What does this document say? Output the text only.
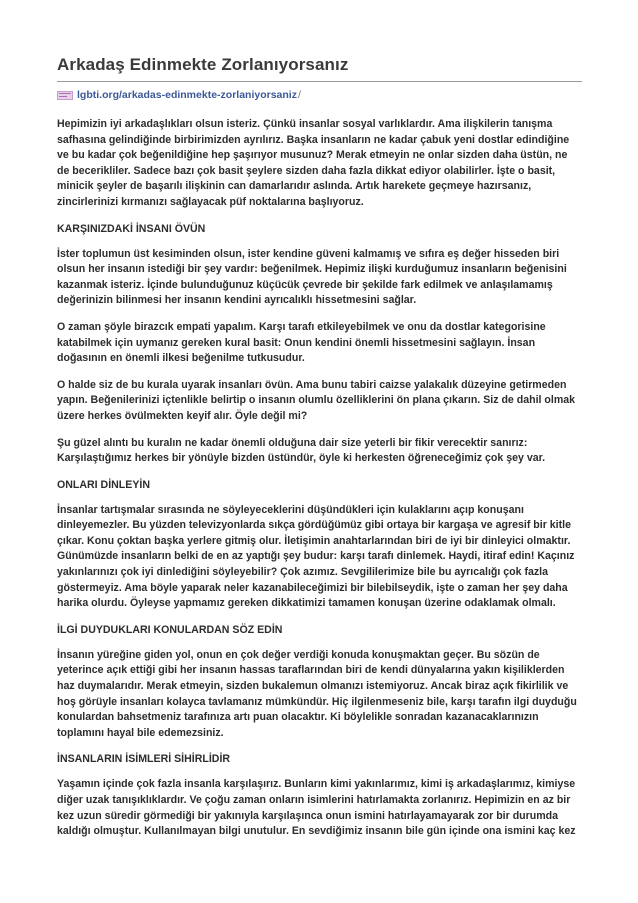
Arkadaş Edinmekte Zorlanıyorsanız
lgbti.org/arkadas-edinmekte-zorlaniyorsaniz /

Hepimizin iyi arkadaşlıkları olsun isteriz. Çünkü insanlar sosyal varlıklardır. Ama ilişkilerin tanışma safhasına gelindiğinde birbirimizden ayrılırız. Başka insanların ne kadar çabuk yeni dostlar edindiğine ve bu kadar çok beğenildiğine hep şaşırıyor musunuz? Merak etmeyin ne onlar sizden daha üstün, ne de becerikliler. Sadece bazı çok basit şeylere sizden daha fazla dikkat ediyor olabilirler. İşte o basit, minicik şeyler de başarılı ilişkinin can damarlarıdır aslında. Artık harekete geçmeye hazırsanız, zincirlerinizi kırmanızı sağlayacak püf noktalarına başlıyoruz.

KARŞINIZDAKİ İNSANI ÖVÜN

İster toplumun üst kesiminden olsun, ister kendine güveni kalmamış ve sıfıra eş değer hisseden biri olsun her insanın istediği bir şey vardır: beğenilmek. Hepimiz ilişki kurduğumuz insanların beğenisini kazanmak isteriz. İçinde bulunduğunuz küçücük çevrede bir şekilde fark edilmek ve anlaşılamamış değerinizin bilinmesi her insanın kendini ayrıcalıklı hissetmesini sağlar.

O zaman şöyle birazcık empati yapalım. Karşı tarafı etkileyebilmek ve onu da dostlar kategorisine katabilmek için uymanız gereken kural basit: Onun kendini önemli hissetmesini sağlayın. İnsan doğasının en önemli ilkesi beğenilme tutkusudur.

O halde siz de bu kurala uyarak insanları övün. Ama bunu tabiri caizse yalakalık düzeyine getirmeden yapın. Beğenilerinizi içtenlikle belirtip o insanın olumlu özelliklerini ön plana çıkarın. Siz de dahil olmak üzere herkes övülmekten keyif alır. Öyle değil mi?

Şu güzel alıntı bu kuralın ne kadar önemli olduğuna dair size yeterli bir fikir verecektir sanırız: Karşılaştığımız herkes bir yönüyle bizden üstündür, öyle ki herkesten öğreneceğimiz çok şey var.

ONLARI DİNLEYİN

İnsanlar tartışmalar sırasında ne söyleyeceklerini düşündükleri için kulaklarını açıp konuşanı dinleyemezler. Bu yüzden televizyonlarda sıkça gördüğümüz gibi ortaya bir kargaşa ve agresif bir kitle çıkar. Konu çoktan başka yerlere gitmiş olur. İletişimin anahtarlarından biri de iyi bir dinleyici olmaktır. Günümüzde insanların belki de en az yaptığı şey budur: karşı tarafı dinlemek. Haydi, itiraf edin! Kaçınız yakınlarınızı çok iyi dinlediğini söyleyebilir? Çok azımız. Sevgililerimize bile bu ayrıcalığı çok fazla göstermeyiz. Ama böyle yaparak neler kazanabileceğimizi bir bilebilseydik, işte o zaman her şey daha harika olurdu. Öyleyse yapmamız gereken dikkatimizi tamamen konuşan üzerine odaklamak olmalı.

İLGİ DUYDUKLARI KONULARDAN SÖZ EDİN

İnsanın yüreğine giden yol, onun en çok değer verdiği konuda konuşmaktan geçer. Bu sözün de yeterince açık ettiği gibi her insanın hassas taraflarından biri de kendi dünyalarına yakın kişiliklerden haz duymalarıdır. Merak etmeyin, sizden bukalemun olmanızı istemiyoruz. Ancak biraz açık fikirlilik ve hoş görüyle insanları kolayca tavlamanız mümkündür. Hiç ilgilenmeseniz bile, karşı tarafın ilgi duyduğu konulardan bahsetmeniz tarafınıza artı puan olacaktır. Ki böylelikle sonradan kazanacaklarınızın toplamını hayal bile edemezsiniz.

İNSANLARIN İSİMLERİ SİHİRLİDİR

Yaşamın içinde çok fazla insanla karşılaşırız. Bunların kimi yakınlarımız, kimi iş arkadaşlarımız, kimiyse diğer uzak tanışıklıklardır. Ve çoğu zaman onların isimlerini hatırlamakta zorlanırız. Hepimizin en az bir kez uzun süredir görmediği bir yakınıyla karşılaşınca onun ismini hatırlayamayarak zor bir durumda kaldığı olmuştur. Kullanılmayan bilgi unutulur. En sevdiğimiz insanın bile gün içinde ona ismini kaç kez
